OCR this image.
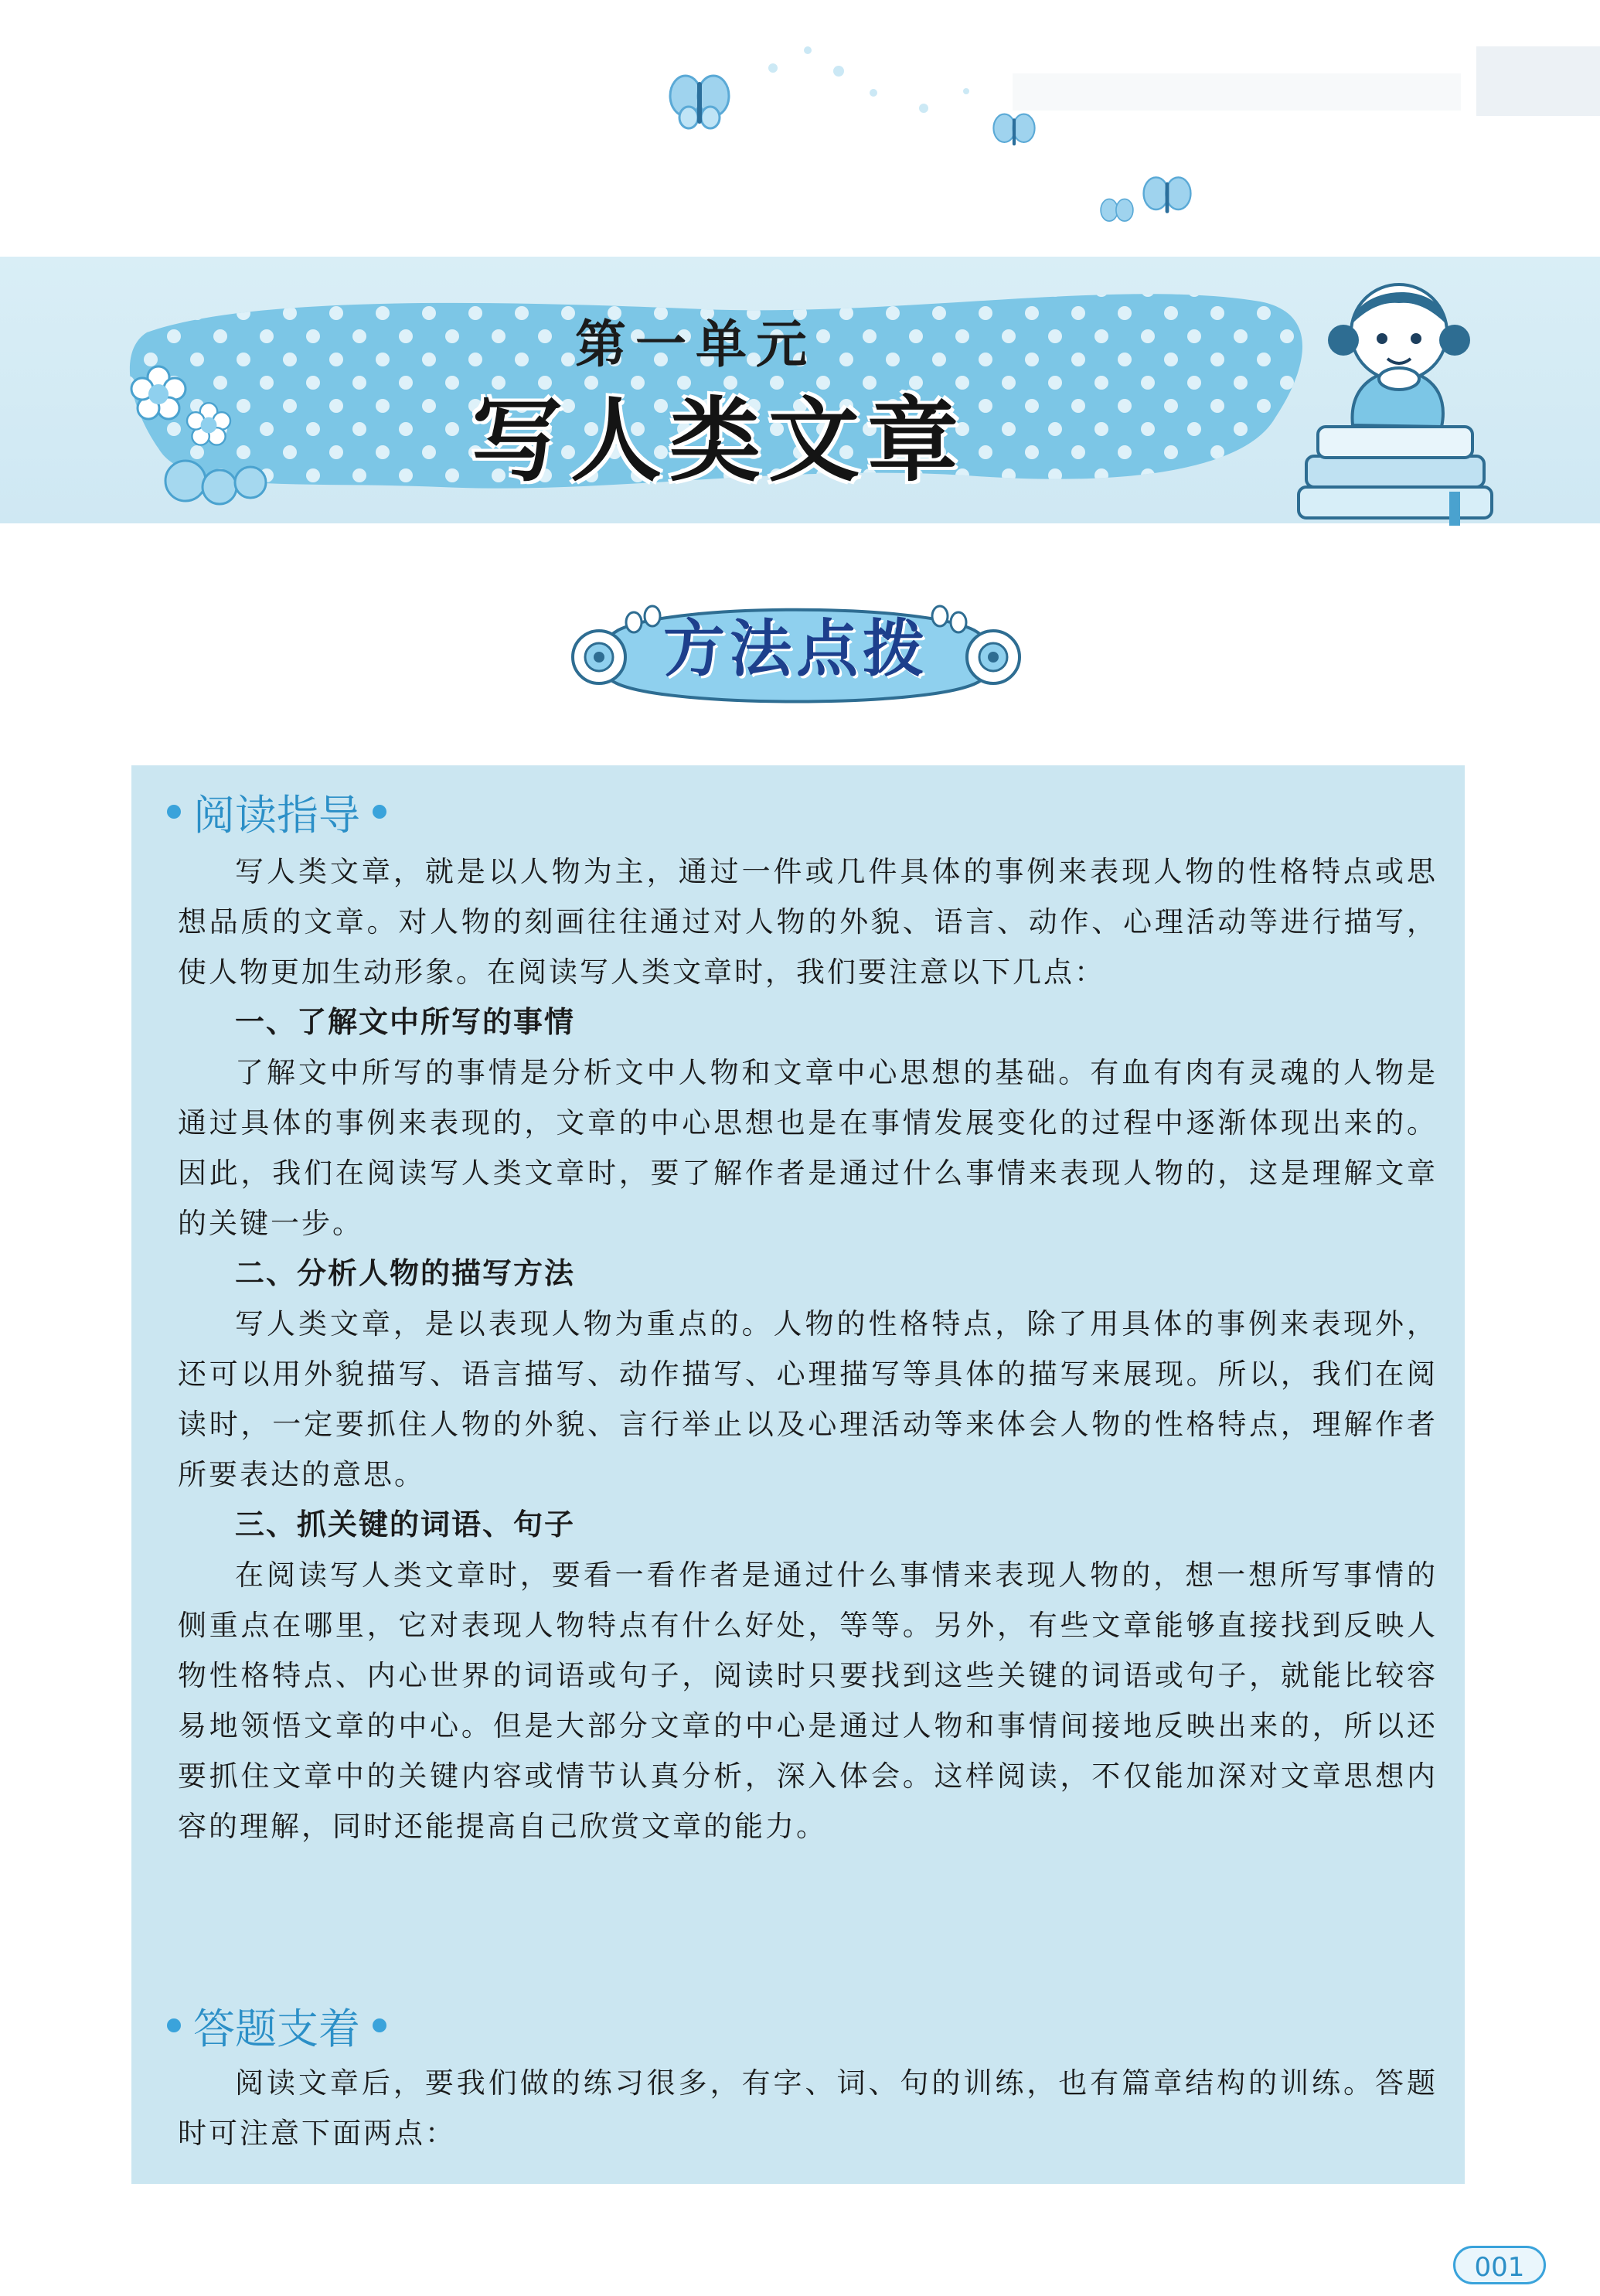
第一单元
写人类文章

方法点拨
阅读指导

写人类文章，就是以人物为主，通过一件或几件具体的事例来表现人物的性格特点或思想品质的文章。对人物的刻画往往通过对人物的外貌、语言、动作、心理活动等进行描写，使人物更加生动形象。在阅读写人类文章时，我们要注意以下几点：

一、了解文中所写的事情

了解文中所写的事情是分析文中人物和文章中心思想的基础。有血有肉有灵魂的人物是通过具体的事例来表现的，文章的中心思想也是在事情发展变化的过程中逐渐体现出来的。因此，我们在阅读写人类文章时，要了解作者是通过什么事情来表现人物的，这是理解文章的关键一步。

二、分析人物的描写方法

写人类文章，是以表现人物为重点的。人物的性格特点，除了用具体的事例来表现外，还可以用外貌描写、语言描写、动作描写、心理描写等具体的描写来展现。所以，我们在阅读时，一定要抓住人物的外貌、言行举止以及心理活动等来体会人物的性格特点，理解作者所要表达的意思。

三、抓关键的词语、句子

在阅读写人类文章时，要看一看作者是通过什么事情来表现人物的，想一想所写事情的侧重点在哪里，它对表现人物特点有什么好处，等等。另外，有些文章能够直接找到反映人物性格特点、内心世界的词语或句子，阅读时只要找到这些关键的词语或句子，就能比较容易地领悟文章的中心。但是大部分文章的中心是通过人物和事情间接地反映出来的，所以还要抓住文章中的关键内容或情节认真分析，深入体会。这样阅读，不仅能加深对文章思想内容的理解，同时还能提高自己欣赏文章的能力。

答题支着

阅读文章后，要我们做的练习很多，有字、词、句的训练，也有篇章结构的训练。答题时可注意下面两点：

001
